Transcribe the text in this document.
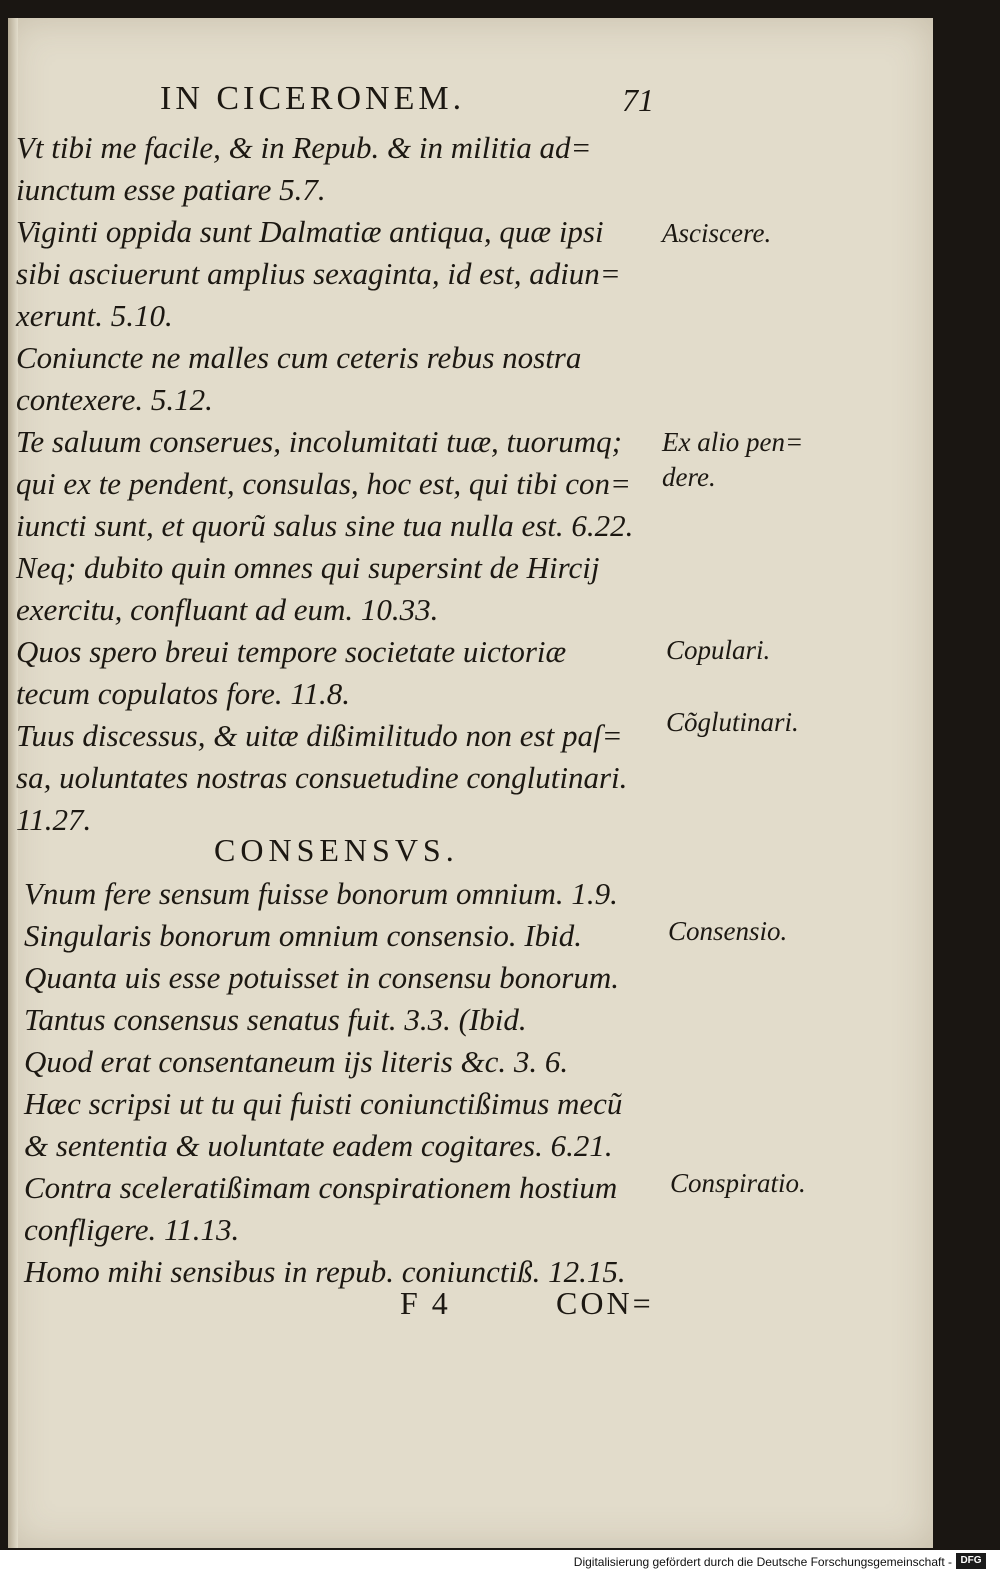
IN CICERONEM.	71
Vt tibi me facile, & in Repub. & in militia ad=
iunctum esse patiare 5.7.
Viginti oppida sunt Dalmatiæ antiqua, quæ ipsi
sibi asciuerunt amplius sexaginta, id est, adiun=
xerunt. 5.10.
Coniuncte ne malles cum ceteris rebus nostra
contexere. 5.12.
Te saluum conserues, incolumitati tuæ, tuorumq;
qui ex te pendent, consulas, hoc est, qui tibi con=
iuncti sunt, et quorũ salus sine tua nulla est. 6.22.
Neq; dubito quin omnes qui supersint de Hircij
exercitu, confluant ad eum. 10.33.
Quos spero breui tempore societate uictoriæ
tecum copulatos fore. 11.8.
Tuus discessus, & uitæ dißimilitudo non est paſ=
sa, uoluntates nostras consuetudine conglutinari.
11.27.
CONSENSVS.
Vnum fere sensum fuisse bonorum omnium. 1.9.
Singularis bonorum omnium consensio. Ibid.
Quanta uis esse potuisset in consensu bonorum.
Tantus consensus senatus fuit. 3.3. (Ibid.
Quod erat consentaneum ijs literis &c. 3. 6.
Hæc scripsi ut tu qui fuisti coniunctißimus mecũ
& sententia & uoluntate eadem cogitares. 6.21.
Contra sceleratißimam conspirationem hostium
confligere. 11.13.
Homo mihi sensibus in repub. coniunctiß. 12.15.
Asciscere.
Ex alio pen=
dere.
Copulari.
Cõglutinari.
Consensio.
Conspiratio.
F 4	CON=
Digitalisierung gefördert durch die Deutsche Forschungsgemeinschaft - DFG
